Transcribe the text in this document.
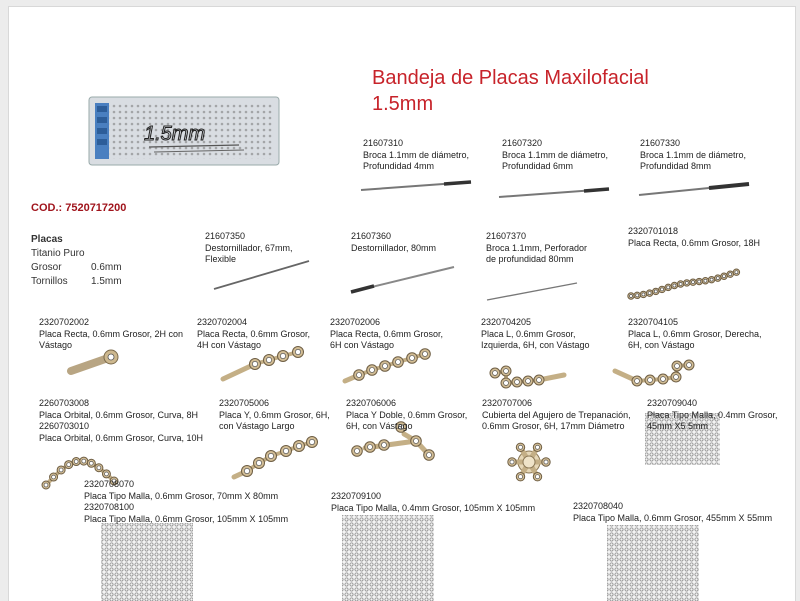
1.5mm
Bandeja de Placas Maxilofacial
1.5mm
COD.: 7520717200
Placas
Titanio Puro
Grosor	0.6mm
Tornillos 1.5mm
21607310
Broca 1.1mm de diámetro,
Profundidad 4mm
21607320
Broca 1.1mm de diámetro,
Profundidad 6mm
21607330
Broca 1.1mm de diámetro,
Profundidad 8mm
21607350
Destornillador, 67mm,
Flexible
21607360
Destornillador, 80mm
21607370
Broca 1.1mm, Perforador
de profundidad 80mm
2320701018
Placa Recta, 0.6mm Grosor, 18H
2320702002
Placa Recta, 0.6mm Grosor, 2H con
Vástago
2320702004
Placa Recta, 0.6mm Grosor,
4H con Vástago
2320702006
Placa Recta, 0.6mm Grosor,
6H con Vástago
2320704205
Placa L, 0.6mm Grosor,
Izquierda, 6H, con Vástago
2320704105
Placa L, 0.6mm Grosor, Derecha,
6H, con Vástago
2260703008
Placa Orbital, 0.6mm Grosor, Curva, 8H
2260703010
Placa Orbital, 0.6mm Grosor, Curva, 10H
2320705006
Placa Y, 0.6mm Grosor, 6H,
con Vástago Largo
2320706006
Placa Y Doble, 0.6mm Grosor,
6H, con Vástago
2320707006
Cubierta del Agujero de Trepanación,
0.6mm Grosor, 6H, 17mm Diámetro
2320709040
Placa Tipo Malla, 0.4mm Grosor,
45mm X5 5mm
2320708070
Placa Tipo Malla, 0.6mm Grosor, 70mm X 80mm
2320708100
Placa Tipo Malla, 0.6mm Grosor, 105mm X 105mm
2320709100
Placa Tipo Malla, 0.4mm Grosor, 105mm X 105mm	2320708040
Placa Tipo Malla, 0.6mm Grosor, 455mm X 55mm
